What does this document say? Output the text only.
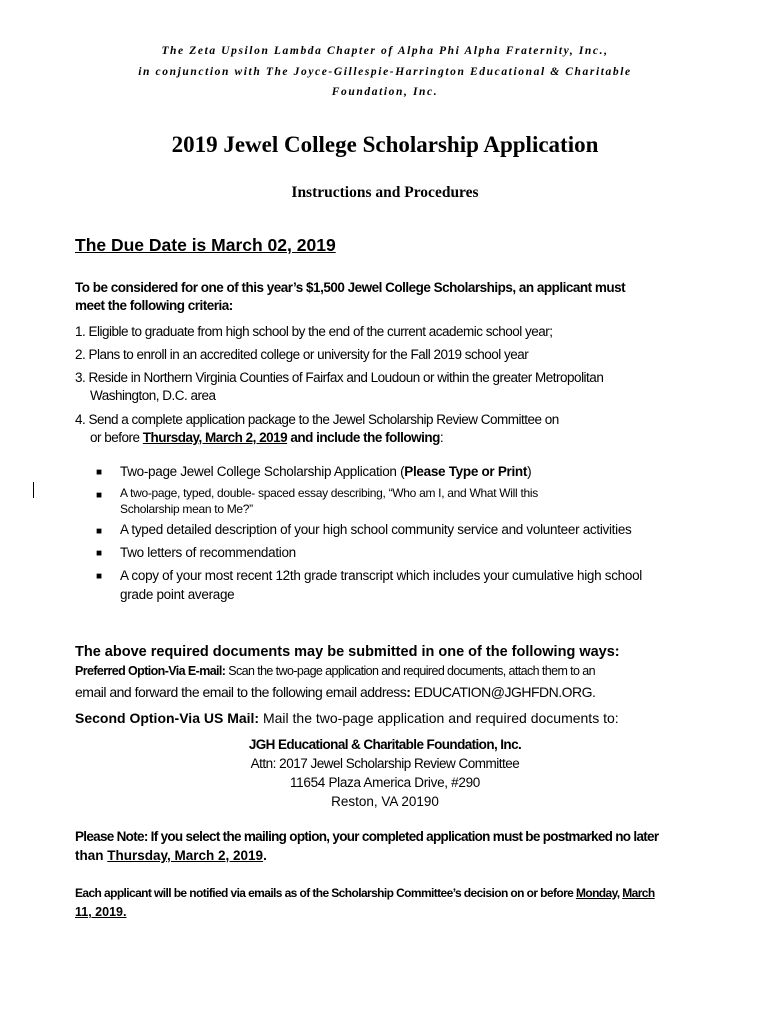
The Zeta Upsilon Lambda Chapter of Alpha Phi Alpha Fraternity, Inc.,
in conjunction with The Joyce-Gillespie-Harrington Educational & Charitable
Foundation, Inc.
2019 Jewel College Scholarship Application
Instructions and Procedures
The Due Date is March 02, 2019
To be considered for one of this year’s $1,500 Jewel College Scholarships, an applicant must
meet the following criteria:
1. Eligible to graduate from high school by the end of the current academic school year;
2. Plans to enroll in an accredited college or university for the Fall 2019 school year
3. Reside in Northern Virginia Counties of Fairfax and Loudoun or within the greater Metropolitan
Washington, D.C. area
4. Send a complete application package to the Jewel Scholarship Review Committee on
or before Thursday, March 2, 2019 and include the following:
■ Two-page Jewel College Scholarship Application (Please Type or Print)
■ A two-page, typed, double- spaced essay describing, “Who am I, and What Will this
Scholarship mean to Me?”
■ A typed detailed description of your high school community service and volunteer activities
■ Two letters of recommendation
■ A copy of your most recent 12th grade transcript which includes your cumulative high school
grade point average
The above required documents may be submitted in one of the following ways:
Preferred Option-Via E-mail: Scan the two-page application and required documents, attach them to an
email and forward the email to the following email address: EDUCATION@JGHFDN.ORG.
Second Option-Via US Mail: Mail the two-page application and required documents to:
JGH Educational & Charitable Foundation, Inc.
Attn: 2017 Jewel Scholarship Review Committee
11654 Plaza America Drive, #290
Reston, VA 20190
Please Note: If you select the mailing option, your completed application must be postmarked no later
than Thursday, March 2, 2019.
Each applicant will be notified via emails as of the Scholarship Committee’s decision on or before Monday, March
11, 2019.
